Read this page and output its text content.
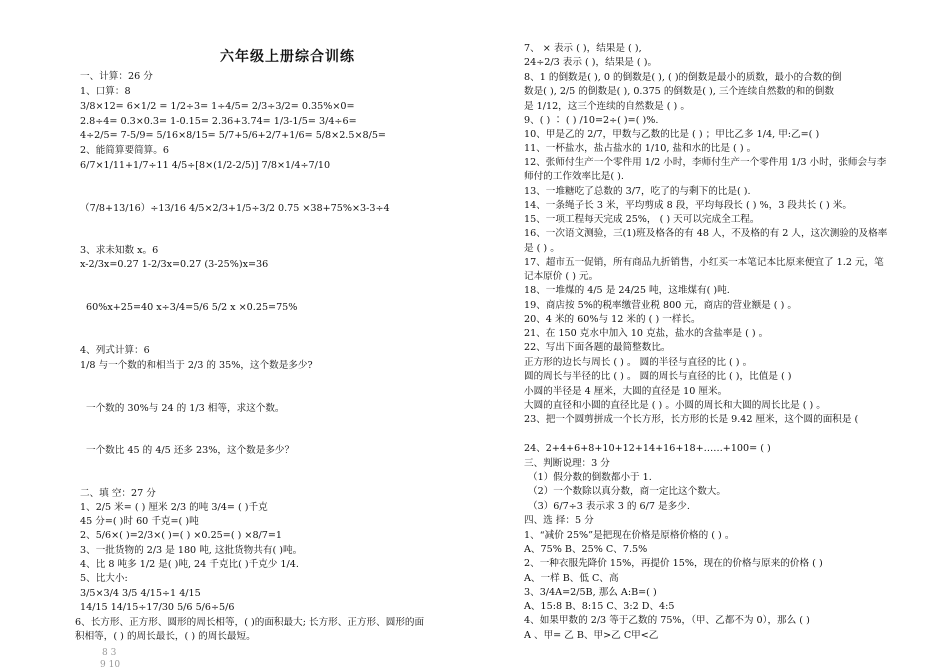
六年级上册综合训练
一、计算：26 分
1、口算：8
3/8×12= 6×1/2 = 1/2÷3= 1÷4/5= 2/3÷3/2= 0.35%×0=
2.8÷4= 0.3×0.3= 1-0.15= 2.36+3.74= 1/3-1/5= 3/4÷6=
4÷2/5= 7-5/9= 5/16×8/15= 5/7+5/6+2/7+1/6= 5/8×2.5×8/5=
2、能简算要简算。6
6/7×1/11+1/7÷11 4/5÷[8×(1/2-2/5)] 7/8×1/4÷7/10
（7/8+13/16）÷13/16 4/5×2/3+1/5÷3/2 0.75 ×38+75%×3-3÷4
3、求未知数 x。6
x-2/3x=0.27 1-2/3x=0.27 (3-25%)x=36
60%x+25=40 x÷3/4=5/6 5/2 x ×0.25=75%
4、列式计算：6
1/8 与一个数的和相当于 2/3 的 35%，这个数是多少?
一个数的 30%与 24 的 1/3 相等，求这个数。
一个数比 45 的 4/5 还多 23%，这个数是多少？
二、填 空：27 分
1、2/5 米= ( ) 厘米 2/3 的吨 3/4= ( )千克
45 分=( )时 60 千克=( )吨
2、5/6×( )=2/3×( )=( ) ×0.25=( ) ×8/7=1
3、一批货物的 2/3 是 180 吨, 这批货物共有( )吨。
4、比 8 吨多 1/2 是( )吨, 24 千克比( )千克少 1/4.
5、比大小:
3/5×3/4 3/5 4/15÷1 4/15
14/15 14/15÷17/30 5/6 5/6÷5/6
6、长方形、正方形、圆形的周长相等，( )的面积最大; 长方形、正方形、圆形的面
积相等，( ) 的周长最长，( ) 的周长最短。
8 3
9 10
7、 × 表示 ( )，结果是 ( ),
24÷2/3 表示 ( )，结果是 ( )。
8、1 的倒数是( ), 0 的倒数是( ), ( )的倒数是最小的质数，最小的合数的倒
数是( ), 2/5 的倒数是( ), 0.375 的倒数是( ), 三个连续自然数的和的倒数
是 1/12，这三个连续的自然数是 ( ) 。
9、( ) ∶ ( ) /10=2÷( )=( )%.
10、甲是乙的 2/7，甲数与乙数的比是 ( ) ；甲比乙多 1/4, 甲:乙=( )
11、一杯盐水，盐占盐水的 1/10, 盐和水的比是 ( ) 。
12、张师付生产一个零件用 1/2 小时，李师付生产一个零件用 1/3 小时，张师会与李
师付的工作效率比是( ).
13、一堆糖吃了总数的 3/7，吃了的与剩下的比是( ).
14、一条绳子长 3 米，平均剪成 8 段，平均每段长 ( ) %，3 段共长 ( ) 米。
15、一项工程每天完成 25%， ( ) 天可以完成全工程。
16、一次语文测验，三(1)班及格各的有 48 人，不及格的有 2 人，这次测验的及格率
是 ( ) 。
17、超市五一促销，所有商品九折销售，小红买一本笔记本比原来便宜了 1.2 元，笔
记本原价 ( ) 元。
18、一堆煤的 4/5 是 24/25 吨，这堆煤有( )吨.
19、商店按 5%的税率缴营业税 800 元，商店的营业额是 ( ) 。
20、4 米的 60%与 12 米的 ( ) 一样长。
21、在 150 克水中加入 10 克盐，盐水的含盐率是 ( ) 。
22、写出下面各题的最简整数比。
正方形的边长与周长 ( ) 。 圆的半径与直径的比 ( ) 。
圆的周长与半径的比 ( ) 。 圆的周长与直径的比 ( )，比值是 ( )
小圆的半径是 4 厘米，大圆的直径是 10 厘米。
大圆的直径和小圆的直径比是 ( ) 。小圆的周长和大圆的周长比是 ( ) 。
23、把一个圆剪拼成一个长方形，长方形的长是 9.42 厘米，这个圆的面积是 (
24、2+4+6+8+10+12+14+16+18+……+100= ( )
三、判断说理：3 分
（1）假分数的倒数都小于 1.
（2）一个数除以真分数，商一定比这个数大。
（3）6/7÷3 表示求 3 的 6/7 是多少.
四、选 择：5 分
1、“减价 25%”是把现在价格是原格价格的 ( ) 。
A、75% B、25% C、7.5%
2、一种衣服先降价 15%，再提价 15%，现在的价格与原来的价格 ( )
A、一样 B、低 C、高
3、3/4A=2/5B, 那么 A:B=( )
A、15:8 B、8:15 C、3:2 D、4:5
4、如果甲数的 2/3 等于乙数的 75%，（甲、乙都不为 0），那么 ( )
A 、甲= 乙 B、甲>乙 C甲<乙
